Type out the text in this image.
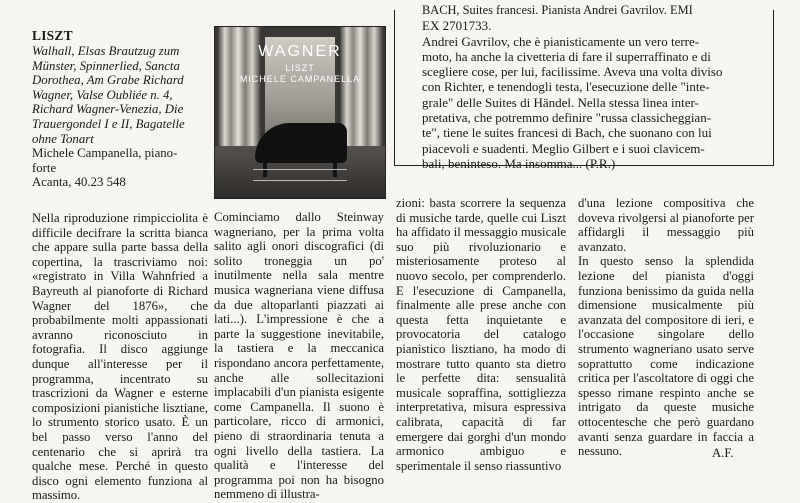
LISZT
Walhall, Elsas Brautzug zum
Münster, Spinnerlied, Sancta
Dorothea, Am Grabe Richard
Wagner, Valse Oubliée n. 4,
Richard Wagner-Venezia, Die
Trauergondel I e II, Bagatelle
ohne Tonart
Michele Campanella, piano-
forte
Acanta, 40.23 548
WAGNER
LISZT
MICHELE CAMPANELLA
BACH, Suites francesi. Pianista Andrei Gavrilov. EMI
EX 2701733.
Andrei Gavrilov, che è pianisticamente un vero terre-
moto, ha anche la civetteria di fare il superraffinato e di
scegliere cose, per lui, facilissime. Aveva una volta diviso
con Richter, e tenendogli testa, l'esecuzione delle "inte-
grale" delle Suites di Händel. Nella stessa linea inter-
pretativa, che potremmo definire "russa classicheggian-
te", tiene le suites francesi di Bach, che suonano con lui
piacevoli e suadenti. Meglio Gilbert e i suoi clavicem-
bali, beninteso. Ma insomma... (P.R.)

Nella riproduzione rimpicciolita è difficile decifrare la scritta bianca che appare sulla parte bassa della copertina, la trascriviamo noi: «registrato in Villa Wahnfried a Bayreuth al pianoforte di Richard Wagner del 1876», che probabilmente molti appassionati avranno riconosciuto in fotografia. Il disco aggiunge dunque all'interesse per il programma, incentrato su trascrizioni da Wagner e esterne composizioni pianistiche lisztiane, lo strumento storico usato. È un bel passo verso l'anno del centenario che si aprirà tra qualche mese. Perché in questo disco ogni elemento funziona al massimo.

Cominciamo dallo Steinway wagneriano, per la prima volta salito agli onori discografici (di solito troneggia un po' inutilmente nella sala mentre musica wagneriana viene diffusa da due altoparlanti piazzati ai lati...). L'impressione è che a parte la suggestione inevitabile, la tastiera e la meccanica rispondano ancora perfettamente, anche alle sollecitazioni implacabili d'un pianista esigente come Campanella. Il suono è particolare, ricco di armonici, pieno di straordinaria tenuta a ogni livello della tastiera. La qualità e l'interesse del programma poi non ha bisogno nemmeno di illustra-

zioni: basta scorrere la sequenza di musiche tarde, quelle cui Liszt ha affidato il messaggio musicale suo più rivoluzionario e misteriosamente proteso al nuovo secolo, per comprenderlo. E l'esecuzione di Campanella, finalmente alle prese anche con questa fetta inquietante e provocatoria del catalogo pianistico lisztiano, ha modo di mostrare tutto quanto sta dietro le perfette dita: sensualità musicale sopraffina, sottigliezza interpretativa, misura espressiva calibrata, capacità di far emergere dai gorghi d'un mondo armonico ambiguo e sperimentale il senso riassuntivo

d'una lezione compositiva che doveva rivolgersi al pianoforte per affidargli il messaggio più avanzato.

In questo senso la splendida lezione del pianista d'oggi funziona benissimo da guida nella dimensione musicalmente più avanzata del compositore di ieri, e l'occasione singolare dello strumento wagneriano usato serve soprattutto come indicazione critica per l'ascoltatore di oggi che spesso rimane respinto anche se intrigato da queste musiche ottocentesche che però guardano avanti senza guardare in faccia a nessuno.	A.F.
